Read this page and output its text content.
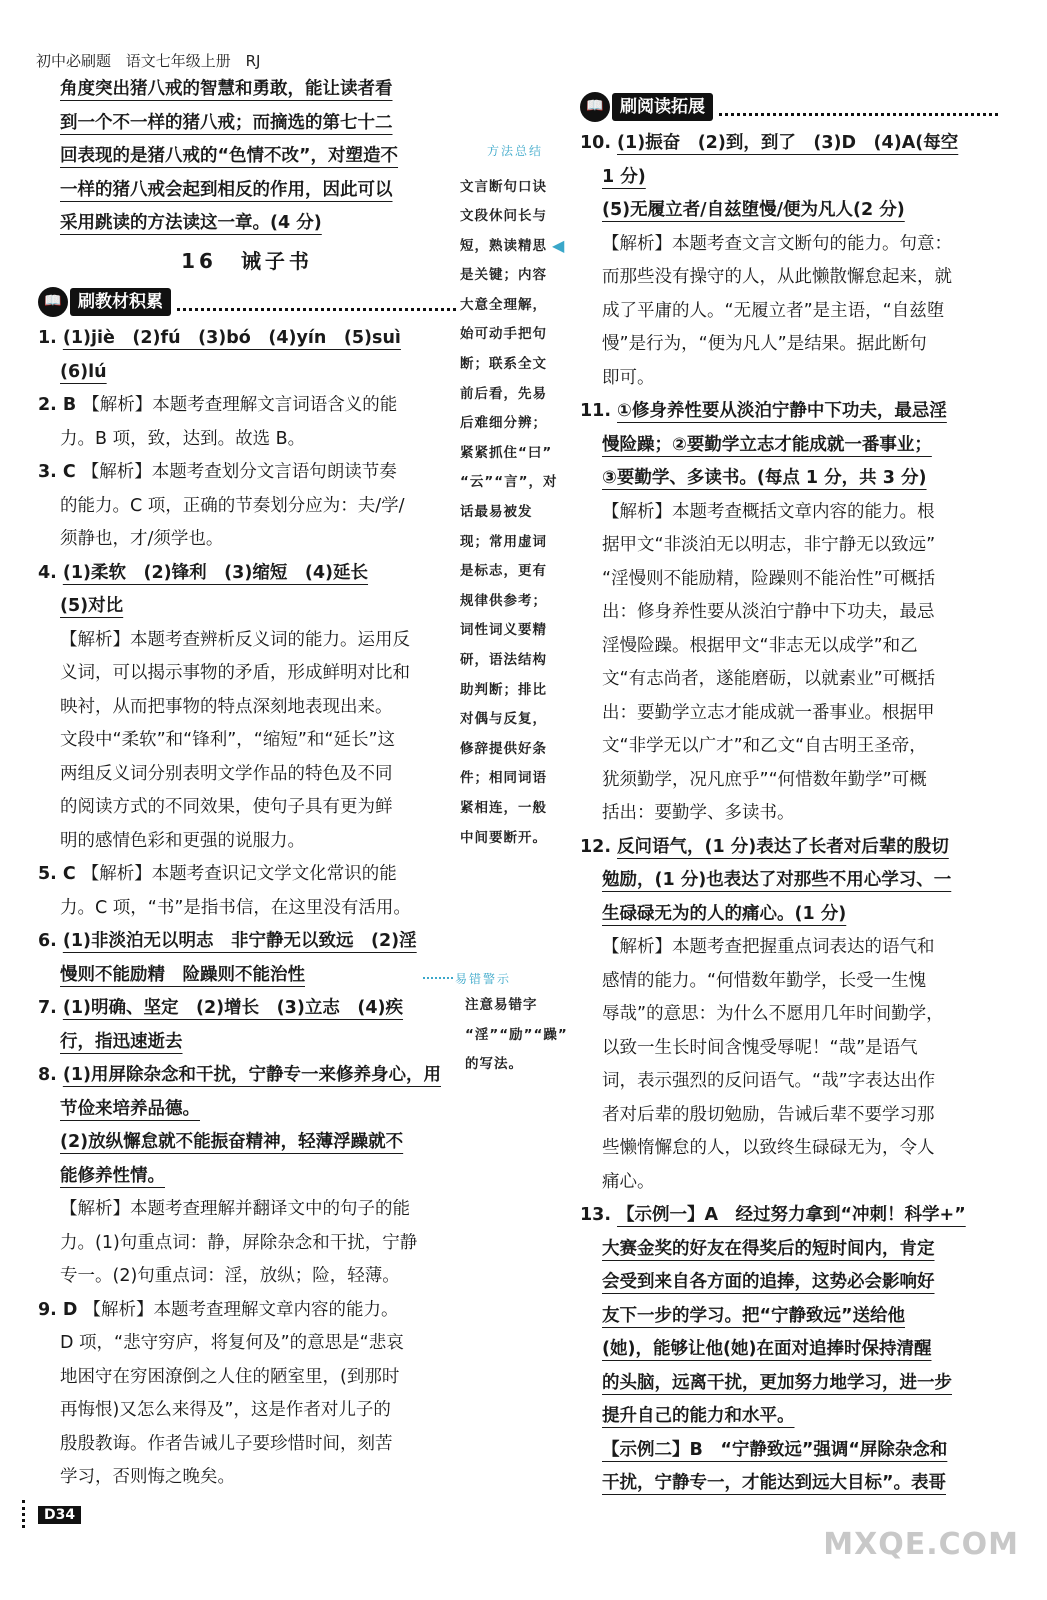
初中必刷题 语文七年级上册 RJ

角度突出猪八戒的智慧和勇敢，能让读者看

到一个不一样的猪八戒；而摘选的第七十二

回表现的是猪八戒的“色情不改”，对塑造不

一样的猪八戒会起到相反的作用，因此可以

采用跳读的方法读这一章。(4 分)

16　诫子书

📖 刷教材积累

1. (1)jiè　(2)fú　(3)bó　(4)yín　(5)suì

(6)lú

2. B 【解析】本题考查理解文言词语含义的能

力。B 项，致，达到。故选 B。

3. C 【解析】本题考查划分文言语句朗读节奏

的能力。C 项，正确的节奏划分应为：夫/学/

须静也，才/须学也。

4. (1)柔软　(2)锋利　(3)缩短　(4)延长

(5)对比

【解析】本题考查辨析反义词的能力。运用反

义词，可以揭示事物的矛盾，形成鲜明对比和

映衬，从而把事物的特点深刻地表现出来。

文段中“柔软”和“锋利”，“缩短”和“延长”这

两组反义词分别表明文学作品的特色及不同

的阅读方式的不同效果，使句子具有更为鲜

明的感情色彩和更强的说服力。

5. C 【解析】本题考查识记文学文化常识的能

力。C 项，“书”是指书信，在这里没有活用。

6. (1)非淡泊无以明志　非宁静无以致远　(2)淫

慢则不能励精　险躁则不能治性

7. (1)明确、坚定　(2)增长　(3)立志　(4)疾

行，指迅速逝去

8. (1)用屏除杂念和干扰，宁静专一来修养身心，用

节俭来培养品德。

(2)放纵懈怠就不能振奋精神，轻薄浮躁就不

能修养性情。

【解析】本题考查理解并翻译文中的句子的能

力。(1)句重点词：静，屏除杂念和干扰，宁静

专一。(2)句重点词：淫，放纵；险，轻薄。

9. D 【解析】本题考查理解文章内容的能力。

D 项，“悲守穷庐，将复何及”的意思是“悲哀

地困守在穷困潦倒之人住的陋室里，(到那时

再悔恨)又怎么来得及”，这是作者对儿子的

殷殷教诲。作者告诫儿子要珍惜时间，刻苦

学习，否则悔之晚矣。

方法总结
文言断句口诀
文段休问长与
短，熟读精思
是关键；内容
大意全理解，
始可动手把句
断；联系全文
前后看，先易
后难细分辨；
紧紧抓住“曰”
“云”“言”，对
话最易被发
现；常用虚词
是标志，更有
规律供参考；
词性词义要精
研，语法结构
助判断；排比
对偶与反复，
修辞提供好条
件；相同词语
紧相连，一般
中间要断开。
◀
易错警示
注意易错字
“淫”“励”“躁”
的写法。
📖 刷阅读拓展

10. (1)振奋　(2)到，到了　(3)D　(4)A(每空

1 分)

(5)无履立者/自兹堕慢/便为凡人(2 分)

【解析】本题考查文言文断句的能力。句意：

而那些没有操守的人，从此懒散懈怠起来，就

成了平庸的人。“无履立者”是主语，“自兹堕

慢”是行为，“便为凡人”是结果。据此断句

即可。

11. ①修身养性要从淡泊宁静中下功夫，最忌淫

慢险躁；②要勤学立志才能成就一番事业；

③要勤学、多读书。(每点 1 分，共 3 分)

【解析】本题考查概括文章内容的能力。根

据甲文“非淡泊无以明志，非宁静无以致远”

“淫慢则不能励精，险躁则不能治性”可概括

出：修身养性要从淡泊宁静中下功夫，最忌

淫慢险躁。根据甲文“非志无以成学”和乙

文“有志尚者，遂能磨砺，以就素业”可概括

出：要勤学立志才能成就一番事业。根据甲

文“非学无以广才”和乙文“自古明王圣帝，

犹须勤学，况凡庶乎”“何惜数年勤学”可概

括出：要勤学、多读书。

12. 反问语气，(1 分)表达了长者对后辈的殷切

勉励，(1 分)也表达了对那些不用心学习、一

生碌碌无为的人的痛心。(1 分)

【解析】本题考查把握重点词表达的语气和

感情的能力。“何惜数年勤学，长受一生愧

辱哉”的意思：为什么不愿用几年时间勤学，

以致一生长时间含愧受辱呢！“哉”是语气

词，表示强烈的反问语气。“哉”字表达出作

者对后辈的殷切勉励，告诫后辈不要学习那

些懒惰懈怠的人，以致终生碌碌无为，令人

痛心。

13. 【示例一】A　经过努力拿到“冲刺！科学+”

大赛金奖的好友在得奖后的短时间内，肯定

会受到来自各方面的追捧，这势必会影响好

友下一步的学习。把“宁静致远”送给他

(她)，能够让他(她)在面对追捧时保持清醒

的头脑，远离干扰，更加努力地学习，进一步

提升自己的能力和水平。

【示例二】B　“宁静致远”强调“屏除杂念和

干扰，宁静专一，才能达到远大目标”。表哥

D34
MXQE.COM
